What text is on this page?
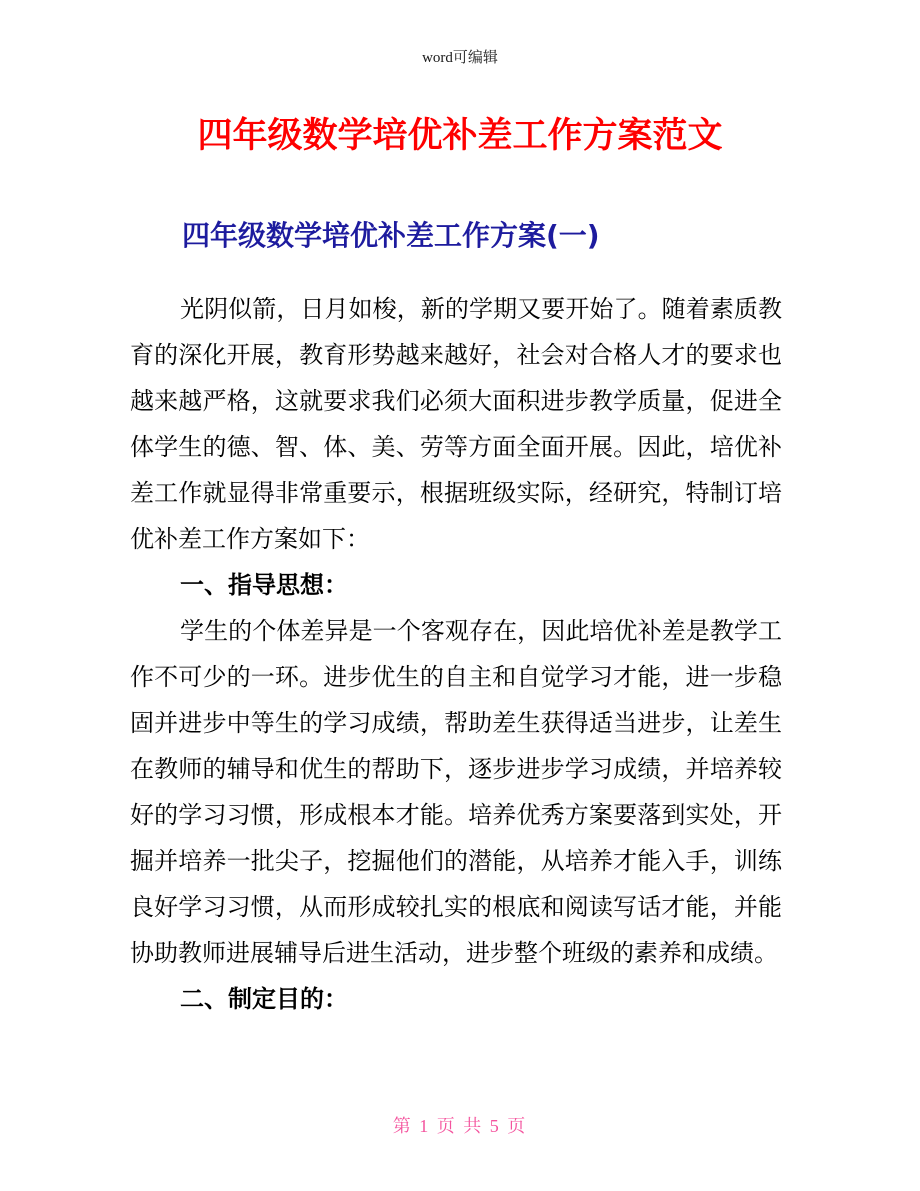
word可编辑
四年级数学培优补差工作方案范文
四年级数学培优补差工作方案(一)
光阴似箭，日月如梭，新的学期又要开始了。随着素质教
育的深化开展，教育形势越来越好，社会对合格人才的要求也
越来越严格，这就要求我们必须大面积进步教学质量，促进全
体学生的德、智、体、美、劳等方面全面开展。因此，培优补
差工作就显得非常重要示，根据班级实际，经研究，特制订培
优补差工作方案如下：
一、指导思想：
学生的个体差异是一个客观存在，因此培优补差是教学工
作不可少的一环。进步优生的自主和自觉学习才能，进一步稳
固并进步中等生的学习成绩，帮助差生获得适当进步，让差生
在教师的辅导和优生的帮助下，逐步进步学习成绩，并培养较
好的学习习惯，形成根本才能。培养优秀方案要落到实处，开
掘并培养一批尖子，挖掘他们的潜能，从培养才能入手，训练
良好学习习惯，从而形成较扎实的根底和阅读写话才能，并能
协助教师进展辅导后进生活动，进步整个班级的素养和成绩。
二、制定目的：
第 1 页 共 5 页
